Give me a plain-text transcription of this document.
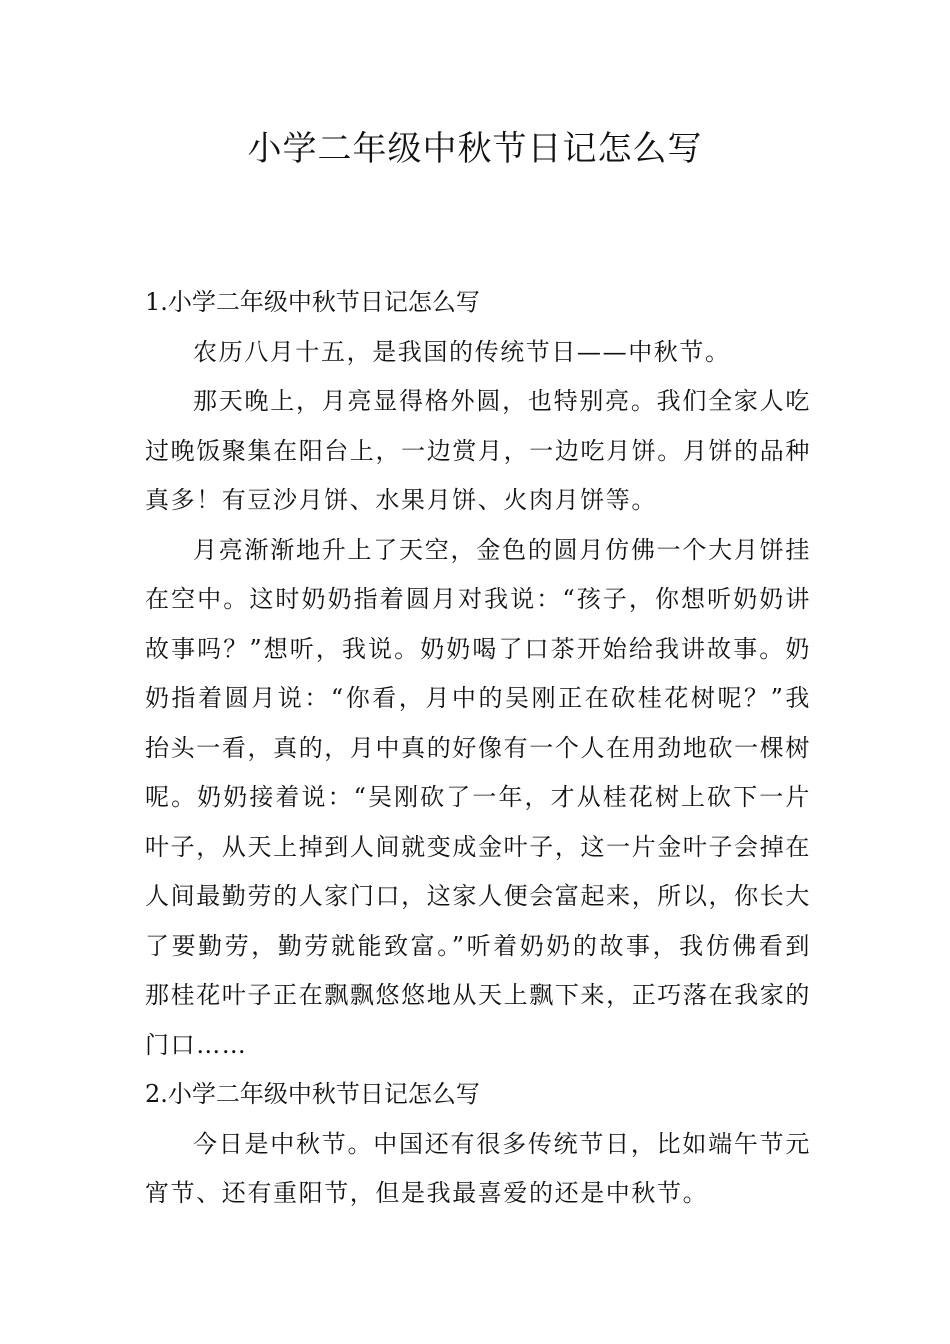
小学二年级中秋节日记怎么写
1.小学二年级中秋节日记怎么写

农历八月十五，是我国的传统节日——中秋节。

那天晚上，月亮显得格外圆，也特别亮。我们全家人吃过晚饭聚集在阳台上，一边赏月，一边吃月饼。月饼的品种真多！有豆沙月饼、水果月饼、火肉月饼等。

月亮渐渐地升上了天空，金色的圆月仿佛一个大月饼挂在空中。这时奶奶指着圆月对我说：“孩子，你想听奶奶讲故事吗？”想听，我说。奶奶喝了口茶开始给我讲故事。奶奶指着圆月说：“你看，月中的吴刚正在砍桂花树呢？”我抬头一看，真的，月中真的好像有一个人在用劲地砍一棵树呢。奶奶接着说：“吴刚砍了一年，才从桂花树上砍下一片叶子，从天上掉到人间就变成金叶子，这一片金叶子会掉在人间最勤劳的人家门口，这家人便会富起来，所以，你长大了要勤劳，勤劳就能致富。”听着奶奶的故事，我仿佛看到那桂花叶子正在飘飘悠悠地从天上飘下来，正巧落在我家的门口……

2.小学二年级中秋节日记怎么写

今日是中秋节。中国还有很多传统节日，比如端午节元宵节、还有重阳节，但是我最喜爱的还是中秋节。
